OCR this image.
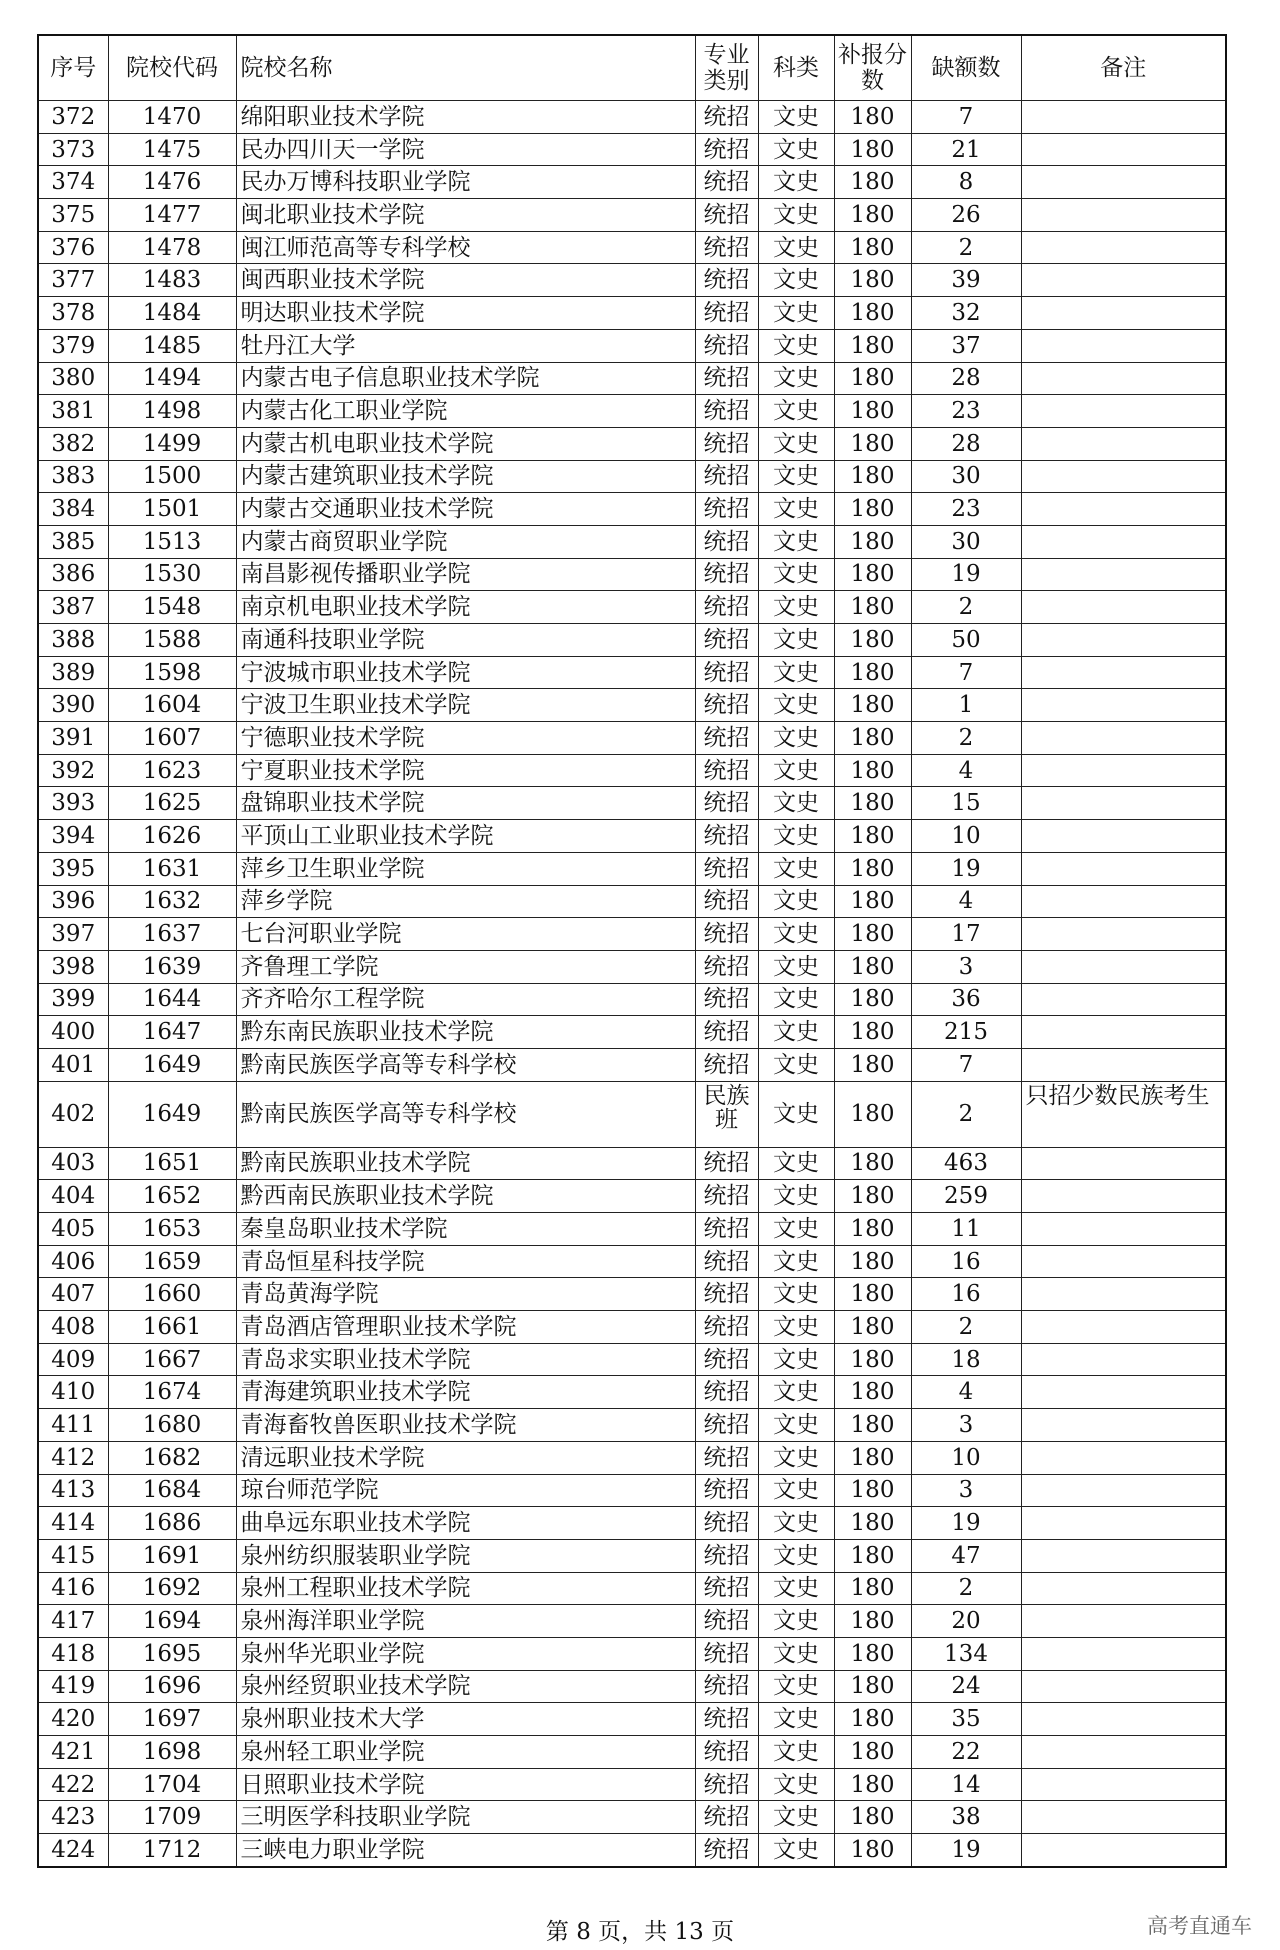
序号	院校代码	院校名称	专业类别	科类	补报分数	缺额数	备注
372	1470	绵阳职业技术学院	统招	文史	180	7	
373	1475	民办四川天一学院	统招	文史	180	21	
374	1476	民办万博科技职业学院	统招	文史	180	8	
375	1477	闽北职业技术学院	统招	文史	180	26	
376	1478	闽江师范高等专科学校	统招	文史	180	2	
377	1483	闽西职业技术学院	统招	文史	180	39	
378	1484	明达职业技术学院	统招	文史	180	32	
379	1485	牡丹江大学	统招	文史	180	37	
380	1494	内蒙古电子信息职业技术学院	统招	文史	180	28	
381	1498	内蒙古化工职业学院	统招	文史	180	23	
382	1499	内蒙古机电职业技术学院	统招	文史	180	28	
383	1500	内蒙古建筑职业技术学院	统招	文史	180	30	
384	1501	内蒙古交通职业技术学院	统招	文史	180	23	
385	1513	内蒙古商贸职业学院	统招	文史	180	30	
386	1530	南昌影视传播职业学院	统招	文史	180	19	
387	1548	南京机电职业技术学院	统招	文史	180	2	
388	1588	南通科技职业学院	统招	文史	180	50	
389	1598	宁波城市职业技术学院	统招	文史	180	7	
390	1604	宁波卫生职业技术学院	统招	文史	180	1	
391	1607	宁德职业技术学院	统招	文史	180	2	
392	1623	宁夏职业技术学院	统招	文史	180	4	
393	1625	盘锦职业技术学院	统招	文史	180	15	
394	1626	平顶山工业职业技术学院	统招	文史	180	10	
395	1631	萍乡卫生职业学院	统招	文史	180	19	
396	1632	萍乡学院	统招	文史	180	4	
397	1637	七台河职业学院	统招	文史	180	17	
398	1639	齐鲁理工学院	统招	文史	180	3	
399	1644	齐齐哈尔工程学院	统招	文史	180	36	
400	1647	黔东南民族职业技术学院	统招	文史	180	215	
401	1649	黔南民族医学高等专科学校	统招	文史	180	7	
402	1649	黔南民族医学高等专科学校	民族班	文史	180	2	只招少数民族考生
403	1651	黔南民族职业技术学院	统招	文史	180	463	
404	1652	黔西南民族职业技术学院	统招	文史	180	259	
405	1653	秦皇岛职业技术学院	统招	文史	180	11	
406	1659	青岛恒星科技学院	统招	文史	180	16	
407	1660	青岛黄海学院	统招	文史	180	16	
408	1661	青岛酒店管理职业技术学院	统招	文史	180	2	
409	1667	青岛求实职业技术学院	统招	文史	180	18	
410	1674	青海建筑职业技术学院	统招	文史	180	4	
411	1680	青海畜牧兽医职业技术学院	统招	文史	180	3	
412	1682	清远职业技术学院	统招	文史	180	10	
413	1684	琼台师范学院	统招	文史	180	3	
414	1686	曲阜远东职业技术学院	统招	文史	180	19	
415	1691	泉州纺织服装职业学院	统招	文史	180	47	
416	1692	泉州工程职业技术学院	统招	文史	180	2	
417	1694	泉州海洋职业学院	统招	文史	180	20	
418	1695	泉州华光职业学院	统招	文史	180	134	
419	1696	泉州经贸职业技术学院	统招	文史	180	24	
420	1697	泉州职业技术大学	统招	文史	180	35	
421	1698	泉州轻工职业学院	统招	文史	180	22	
422	1704	日照职业技术学院	统招	文史	180	14	
423	1709	三明医学科技职业学院	统招	文史	180	38	
424	1712	三峡电力职业学院	统招	文史	180	19	
第 8 页，共 13 页	高考直通车
